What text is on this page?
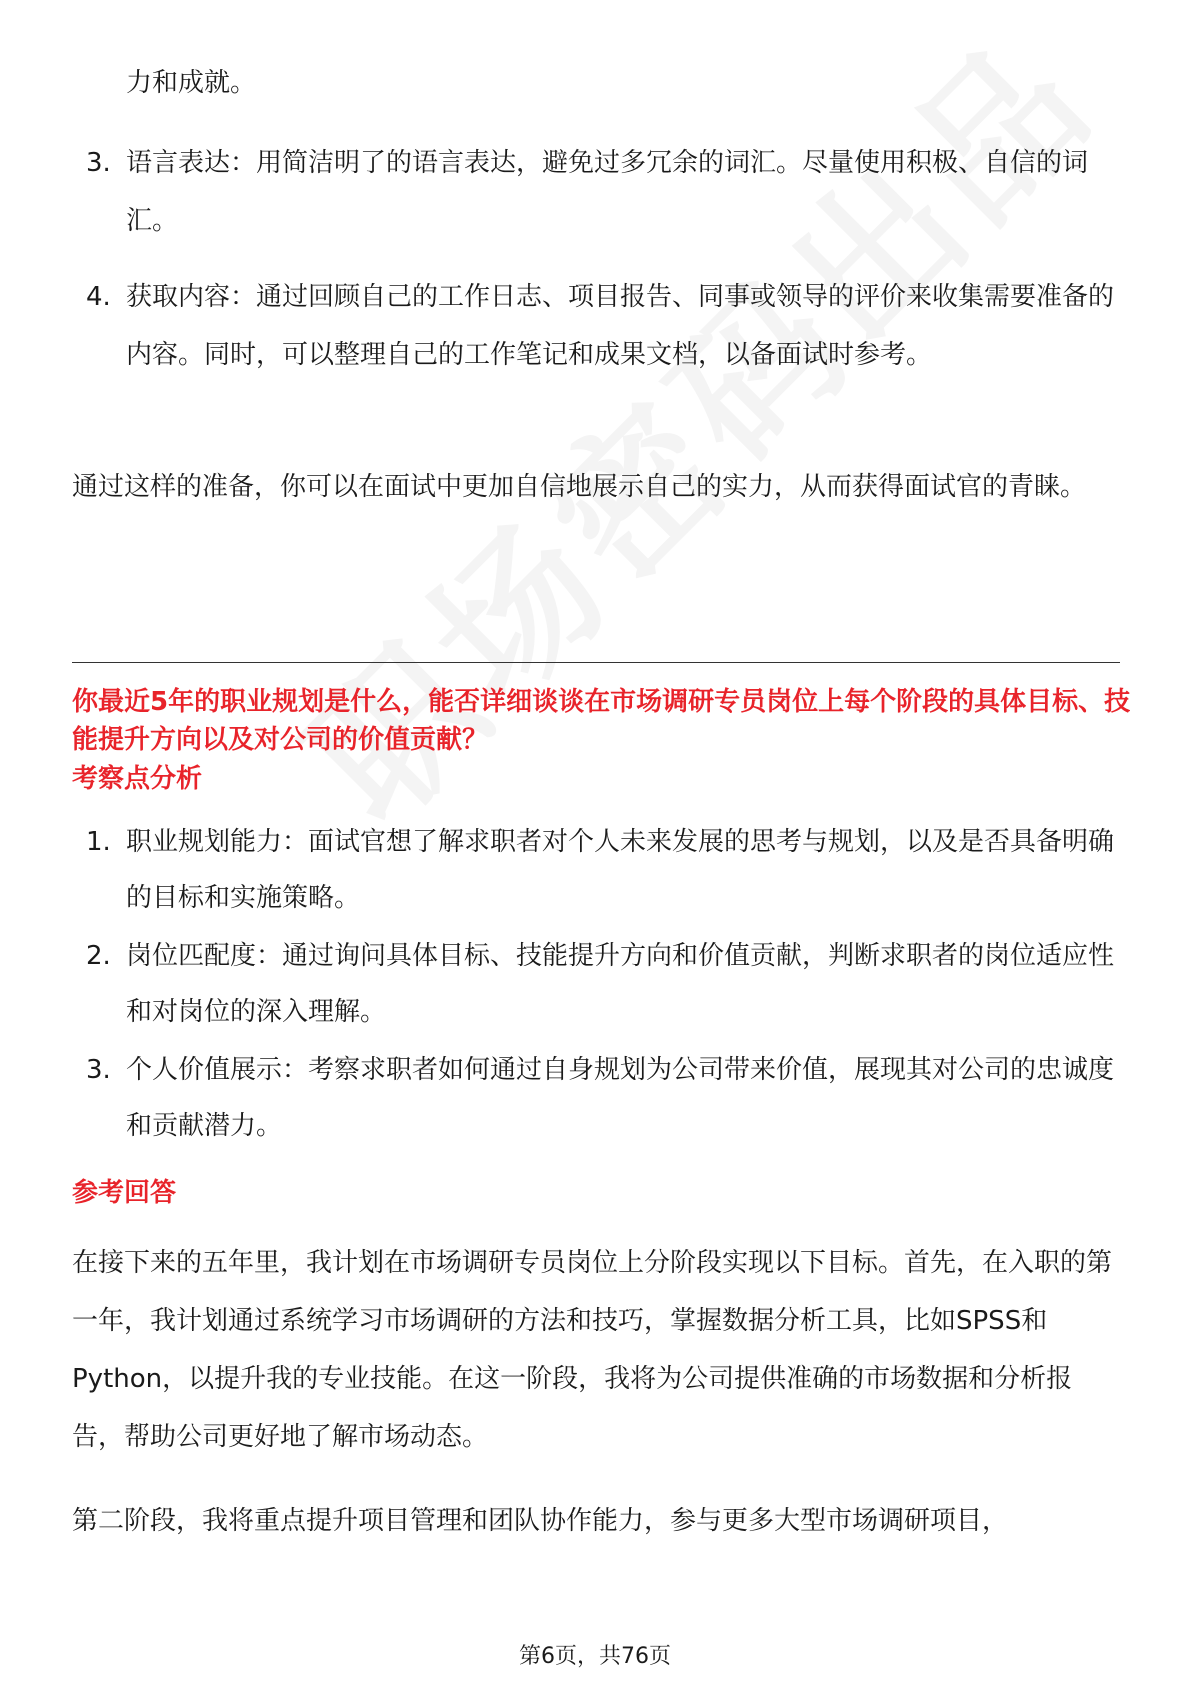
力和成就。

3. 语言表达：用简洁明了的语言表达，避免过多冗余的词汇。尽量使用积极、自信的词汇。

4. 获取内容：通过回顾自己的工作日志、项目报告、同事或领导的评价来收集需要准备的内容。同时，可以整理自己的工作笔记和成果文档，以备面试时参考。

通过这样的准备，你可以在面试中更加自信地展示自己的实力，从而获得面试官的青睐。

你最近5年的职业规划是什么，能否详细谈谈在市场调研专员岗位上每个阶段的具体目标、技能提升方向以及对公司的价值贡献？

考察点分析

1. 职业规划能力：面试官想了解求职者对个人未来发展的思考与规划，以及是否具备明确的目标和实施策略。

2. 岗位匹配度：通过询问具体目标、技能提升方向和价值贡献，判断求职者的岗位适应性和对岗位的深入理解。

3. 个人价值展示：考察求职者如何通过自身规划为公司带来价值，展现其对公司的忠诚度和贡献潜力。

参考回答

在接下来的五年里，我计划在市场调研专员岗位上分阶段实现以下目标。首先，在入职的第一年，我计划通过系统学习市场调研的方法和技巧，掌握数据分析工具，比如SPSS和Python，以提升我的专业技能。在这一阶段，我将为公司提供准确的市场数据和分析报告，帮助公司更好地了解市场动态。

第二阶段，我将重点提升项目管理和团队协作能力，参与更多大型市场调研项目，

第6页，共76页
